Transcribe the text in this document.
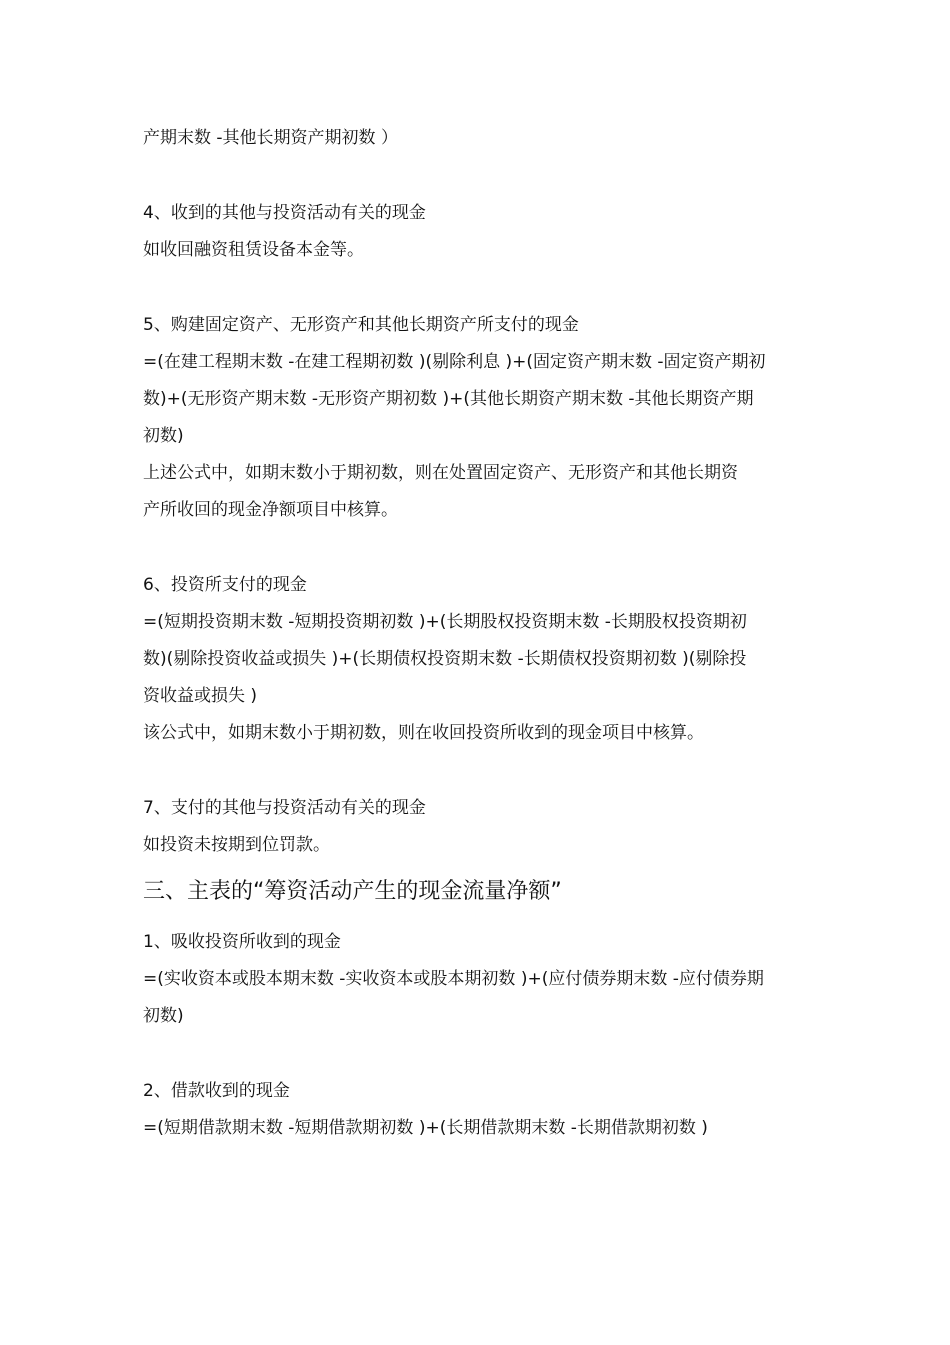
产期末数 -其他长期资产期初数 ）
4、收到的其他与投资活动有关的现金
如收回融资租赁设备本金等。
5、购建固定资产、无形资产和其他长期资产所支付的现金
=(在建工程期末数 -在建工程期初数 )(剔除利息 )+(固定资产期末数 -固定资产期初
数)+(无形资产期末数 -无形资产期初数 )+(其他长期资产期末数 -其他长期资产期
初数)
上述公式中，如期末数小于期初数，则在处置固定资产、无形资产和其他长期资
产所收回的现金净额项目中核算。
6、投资所支付的现金
=(短期投资期末数 -短期投资期初数 )+(长期股权投资期末数 -长期股权投资期初
数)(剔除投资收益或损失 )+(长期债权投资期末数 -长期债权投资期初数 )(剔除投
资收益或损失 )
该公式中，如期末数小于期初数，则在收回投资所收到的现金项目中核算。
7、支付的其他与投资活动有关的现金
如投资未按期到位罚款。
三、主表的“筹资活动产生的现金流量净额”
1、吸收投资所收到的现金
=(实收资本或股本期末数 -实收资本或股本期初数 )+(应付债券期末数 -应付债券期
初数)
2、借款收到的现金
=(短期借款期末数 -短期借款期初数 )+(长期借款期末数 -长期借款期初数 )
